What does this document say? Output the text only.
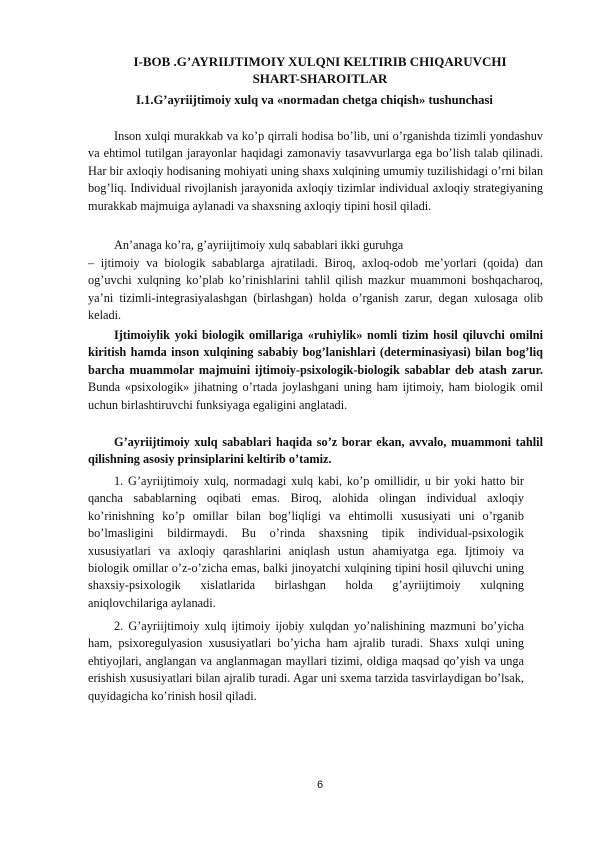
I-BOB .G’AYRIIJTIMOIY XULQNI KELTIRIB CHIQARUVCHI
SHART-SHAROITLAR
I.1.G’ayriijtimoiy xulq va «normadan chetga chiqish» tushunchasi

Inson xulqi murakkab va ko’p qirrali hodisa bo’lib, uni o’rganishda tizimli yondashuv va ehtimol tutilgan jarayonlar haqidagi zamonaviy tasavvurlarga ega bo’lish talab qilinadi. Har bir axloqiy hodisaning mohiyati uning shaxs xulqining umumiy tuzilishidagi o’rni bilan bog’liq. Individual rivojlanish jarayonida axloqiy tizimlar individual axloqiy strategiyaning murakkab majmuiga aylanadi va shaxsning axloqiy tipini hosil qiladi.

An’anaga ko’ra, g’ayriijtimoiy xulq sabablari ikki guruhga

– ijtimoiy va biologik sabablarga ajratiladi. Biroq, axloq-odob me’yorlari (qoida) dan og’uvchi xulqning ko’plab ko’rinishlarini tahlil qilish mazkur muammoni boshqacharoq, ya’ni tizimli-integrasiyalashgan (birlashgan) holda o’rganish zarur, degan xulosaga olib keladi.

Ijtimoiylik yoki biologik omillariga «ruhiylik» nomli tizim hosil qiluvchi omilni kiritish hamda inson xulqining sababiy bog’lanishlari (determinasiyasi) bilan bog’liq barcha muammolar majmuini ijtimoiy-psixologik-biologik sabablar deb atash zarur. Bunda «psixologik» jihatning o’rtada joylashgani uning ham ijtimoiy, ham biologik omil uchun birlashtiruvchi funksiyaga egaligini anglatadi.

G’ayriijtimoiy xulq sabablari haqida so’z borar ekan, avvalo, muammoni tahlil qilishning asosiy prinsiplarini keltirib o’tamiz.

1. G’ayriijtimoiy xulq, normadagi xulq kabi, ko’p omillidir, u bir yoki hatto bir qancha sabablarning oqibati emas. Biroq, alohida olingan individual axloqiy ko’rinishning ko’p omillar bilan bog’liqligi va ehtimolli xususiyati uni o’rganib bo’lmasligini bildirmaydi. Bu o’rinda shaxsning tipik individual-psixologik xususiyatlari va axloqiy qarashlarini aniqlash ustun ahamiyatga ega. Ijtimoiy va biologik omillar o’z-o’zicha emas, balki jinoyatchi xulqining tipini hosil qiluvchi uning shaxsiy-psixologik xislatlarida birlashgan holda g’ayriijtimoiy xulqning aniqlovchilariga aylanadi.

2. G’ayriijtimoiy xulq ijtimoiy ijobiy xulqdan yo’nalishining mazmuni bo’yicha ham, psixoregulyasion xususiyatlari bo’yicha ham ajralib turadi. Shaxs xulqi uning ehtiyojlari, anglangan va anglanmagan mayllari tizimi, oldiga maqsad qo’yish va unga erishish xususiyatlari bilan ajralib turadi. Agar uni sxema tarzida tasvirlaydigan bo’lsak, quyidagicha ko’rinish hosil qiladi.

6
